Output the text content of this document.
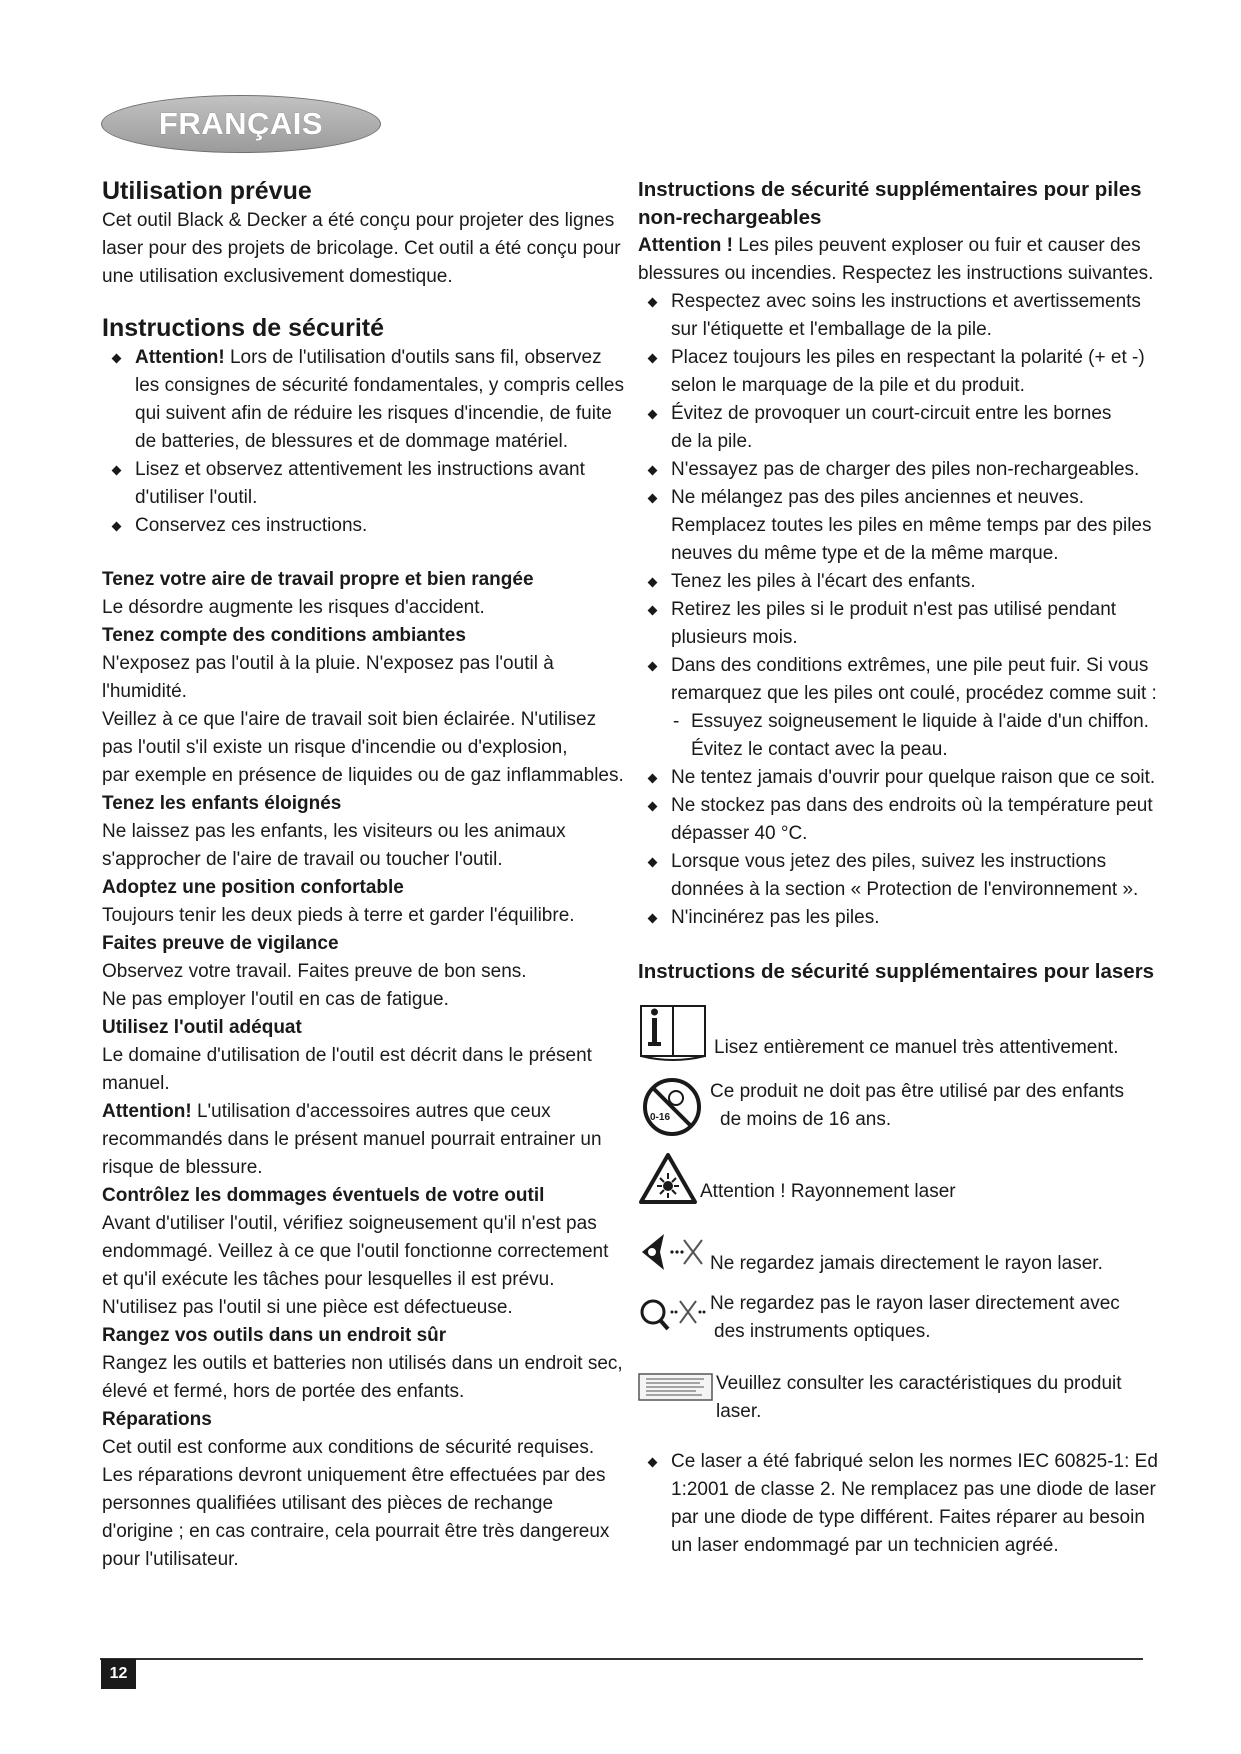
FRANÇAIS
Utilisation prévue

Cet outil Black & Decker a été conçu pour projeter des lignes
laser pour des projets de bricolage. Cet outil a été conçu pour
une utilisation exclusivement domestique.

Instructions de sécurité
Attention! Lors de l'utilisation d'outils sans fil, observez
les consignes de sécurité fondamentales, y compris celles
qui suivent afin de réduire les risques d'incendie, de fuite
de batteries, de blessures et de dommage matériel.
Lisez et observez attentivement les instructions avant
d'utiliser l'outil.
Conservez ces instructions.
Tenez votre aire de travail propre et bien rangée

Le désordre augmente les risques d'accident.

Tenez compte des conditions ambiantes

N'exposez pas l'outil à la pluie. N'exposez pas l'outil à l'humidité.
Veillez à ce que l'aire de travail soit bien éclairée. N'utilisez
pas l'outil s'il existe un risque d'incendie ou d'explosion,
par exemple en présence de liquides ou de gaz inflammables.

Tenez les enfants éloignés

Ne laissez pas les enfants, les visiteurs ou les animaux
s'approcher de l'aire de travail ou toucher l'outil.

Adoptez une position confortable

Toujours tenir les deux pieds à terre et garder l'équilibre.

Faites preuve de vigilance

Observez votre travail. Faites preuve de bon sens.
Ne pas employer l'outil en cas de fatigue.

Utilisez l'outil adéquat

Le domaine d'utilisation de l'outil est décrit dans le présent
manuel.
Attention! L'utilisation d'accessoires autres que ceux
recommandés dans le présent manuel pourrait entrainer un
risque de blessure.

Contrôlez les dommages éventuels de votre outil

Avant d'utiliser l'outil, vérifiez soigneusement qu'il n'est pas
endommagé. Veillez à ce que l'outil fonctionne correctement
et qu'il exécute les tâches pour lesquelles il est prévu.
N'utilisez pas l'outil si une pièce est défectueuse.

Rangez vos outils dans un endroit sûr

Rangez les outils et batteries non utilisés dans un endroit sec,
élevé et fermé, hors de portée des enfants.

Réparations

Cet outil est conforme aux conditions de sécurité requises.
Les réparations devront uniquement être effectuées par des
personnes qualifiées utilisant des pièces de rechange
d'origine ; en cas contraire, cela pourrait être très dangereux
pour l'utilisateur.

Instructions de sécurité supplémentaires pour piles
non-rechargeables

Attention ! Les piles peuvent exploser ou fuir et causer des
blessures ou incendies. Respectez les instructions suivantes.

Respectez avec soins les instructions et avertissements
sur l'étiquette et l'emballage de la pile.
Placez toujours les piles en respectant la polarité (+ et -)
selon le marquage de la pile et du produit.
Évitez de provoquer un court-circuit entre les bornes
de la pile.
N'essayez pas de charger des piles non-rechargeables.
Ne mélangez pas des piles anciennes et neuves.
Remplacez toutes les piles en même temps par des piles
neuves du même type et de la même marque.
Tenez les piles à l'écart des enfants.
Retirez les piles si le produit n'est pas utilisé pendant
plusieurs mois.
Dans des conditions extrêmes, une pile peut fuir. Si vous
remarquez que les piles ont coulé, procédez comme suit :
- Essuyez soigneusement le liquide à l'aide d'un chiffon.
Évitez le contact avec la peau.
Ne tentez jamais d'ouvrir pour quelque raison que ce soit.
Ne stockez pas dans des endroits où la température peut
dépasser 40 °C.
Lorsque vous jetez des piles, suivez les instructions
données à la section « Protection de l'environnement ».
N'incinérez pas les piles.
Instructions de sécurité supplémentaires pour lasers

Lisez entièrement ce manuel très attentivement.

0-16

Ce produit ne doit pas être utilisé par des enfants
de moins de 16 ans.

Attention ! Rayonnement laser

Ne regardez jamais directement le rayon laser.

Ne regardez pas le rayon laser directement avec
des instruments optiques.

Veuillez consulter les caractéristiques du produit
laser.

Ce laser a été fabriqué selon les normes IEC 60825-1: Ed
1:2001 de classe 2. Ne remplacez pas une diode de laser
par une diode de type différent. Faites réparer au besoin
un laser endommagé par un technicien agréé.
12
